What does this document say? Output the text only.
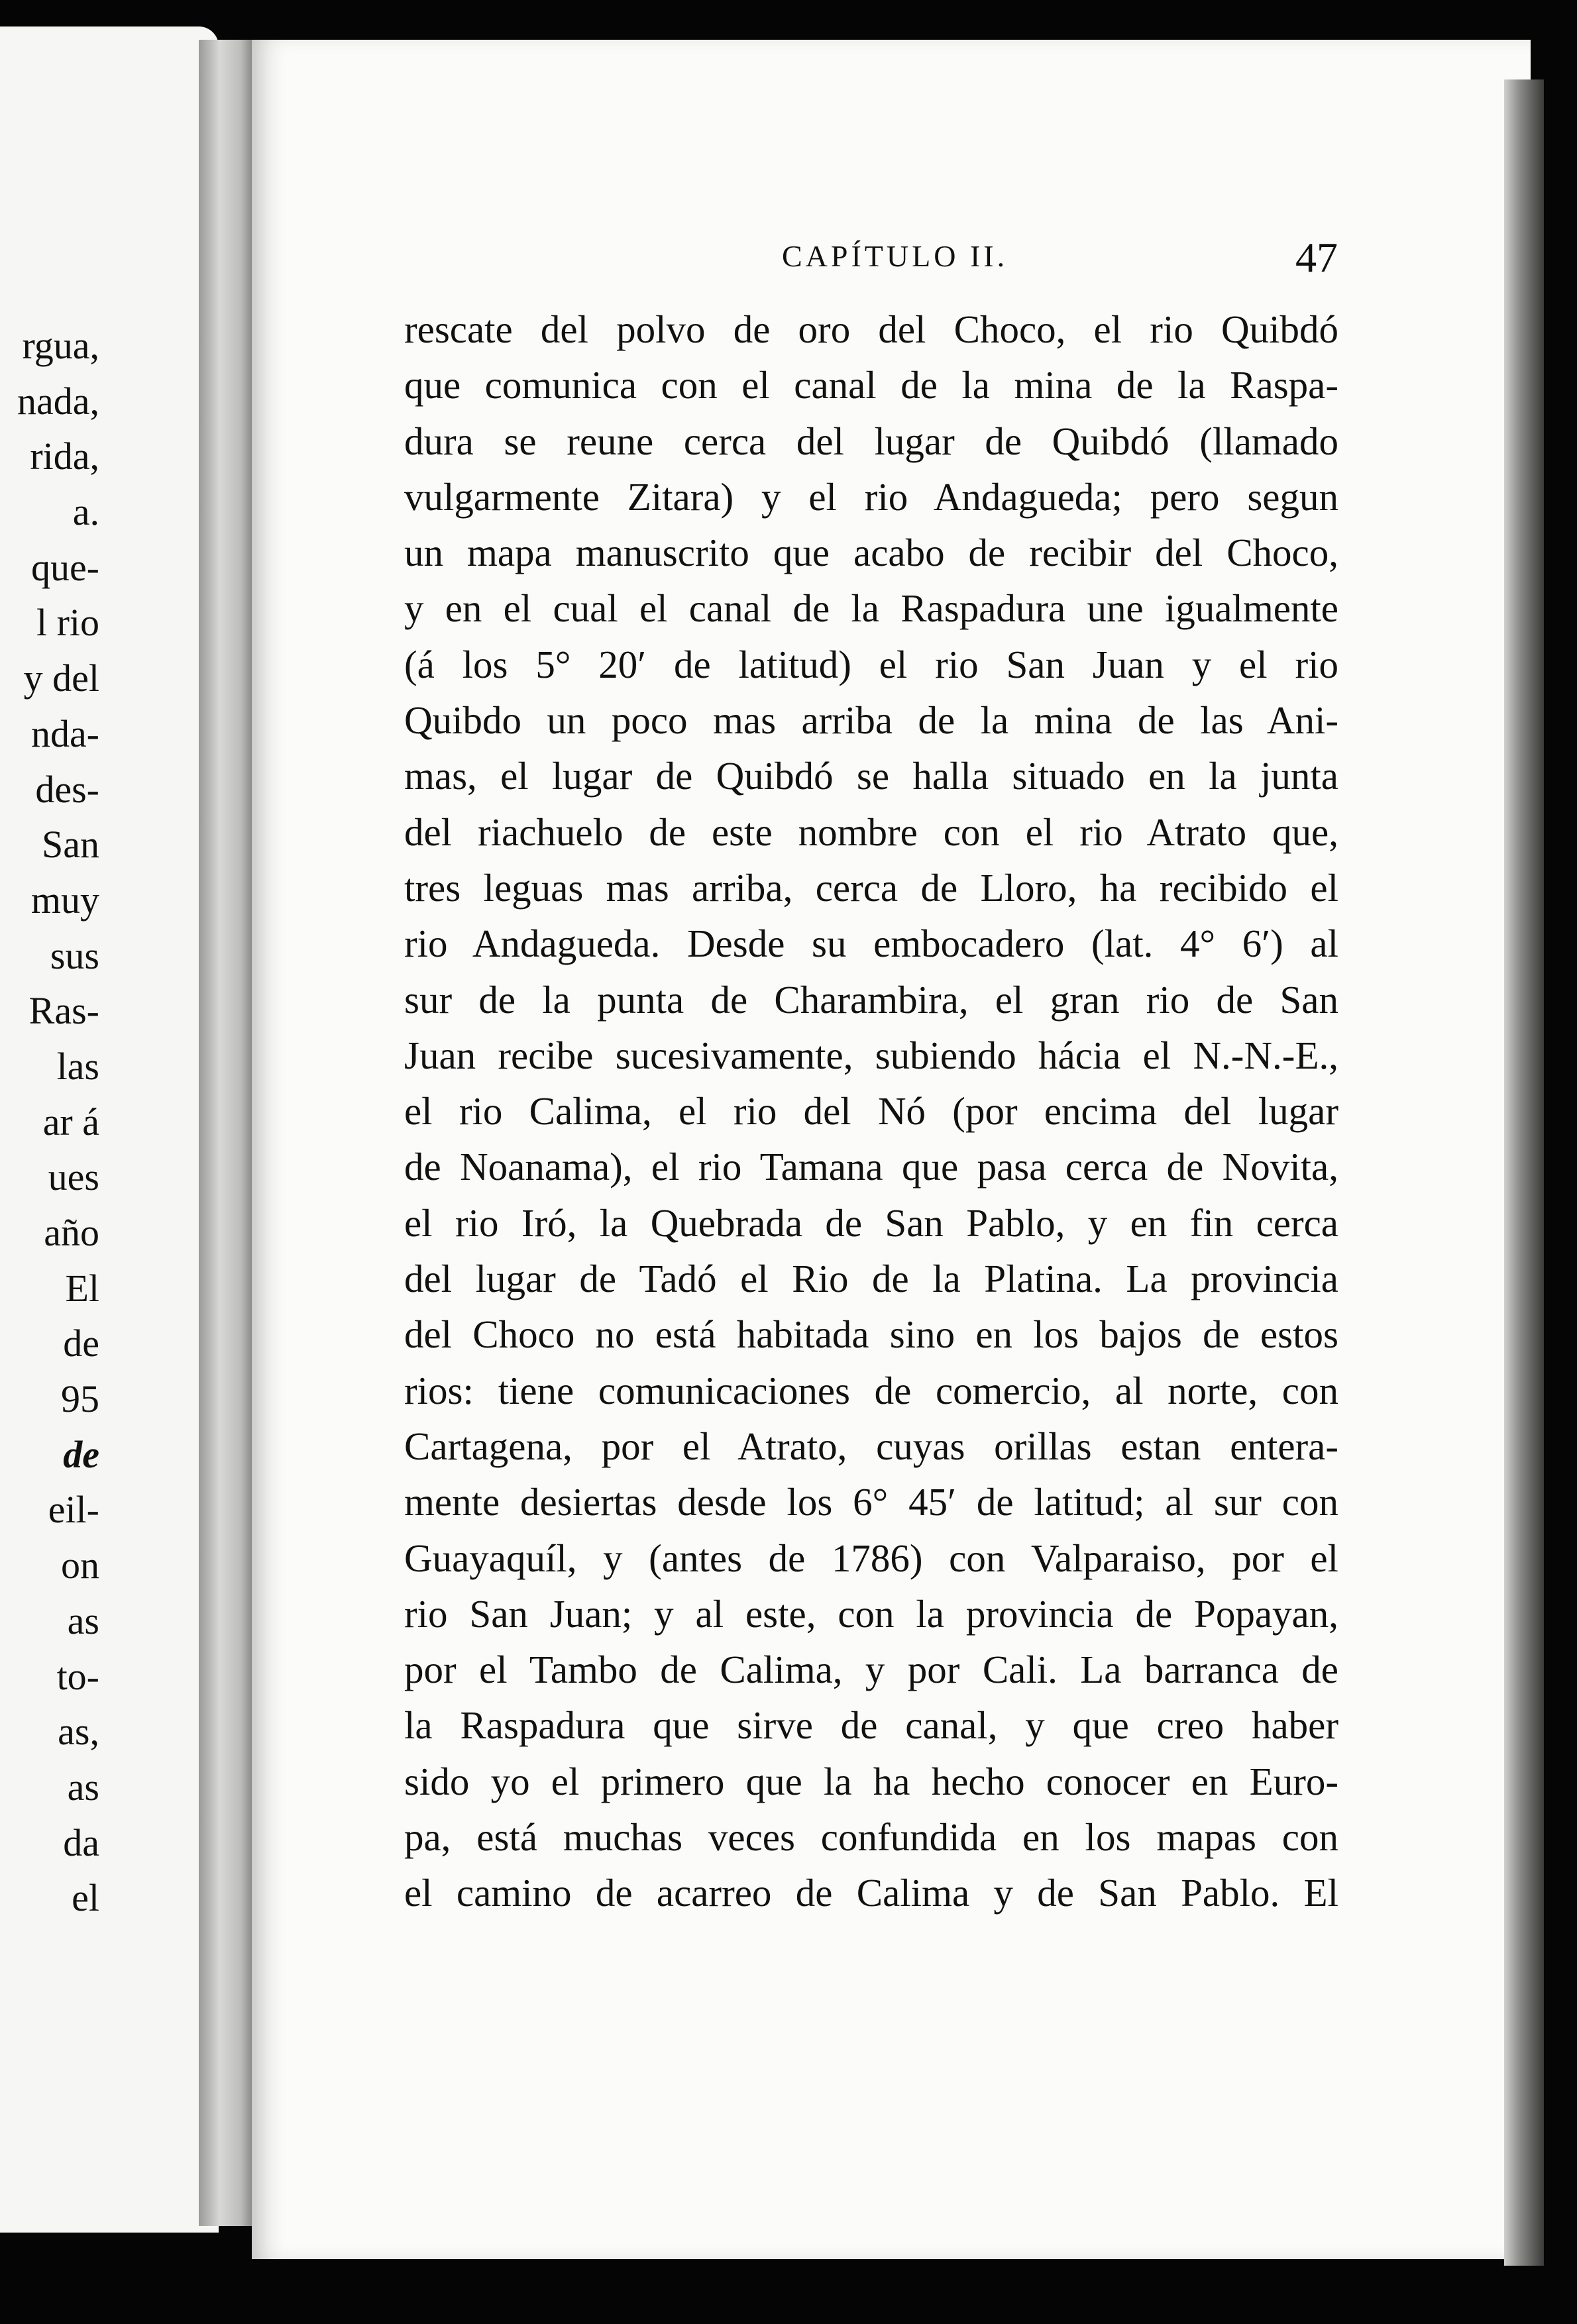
rgua,
nada,
rida,
a.
que-
l rio
y del
nda-
des-
San
muy
sus
Ras-
las
ar á
ues
año
El
de
95
de
eil-
on
as
to-
as,
as
da
el
CAPÍTULO II.	47
rescate del polvo de oro del Choco, el rio Quibdó
que comunica con el canal de la mina de la Raspa-
dura se reune cerca del lugar de Quibdó (llamado
vulgarmente Zitara) y el rio Andagueda; pero segun
un mapa manuscrito que acabo de recibir del Choco,
y en el cual el canal de la Raspadura une igualmente
(á los 5° 20′ de latitud) el rio San Juan y el rio
Quibdo un poco mas arriba de la mina de las Ani-
mas, el lugar de Quibdó se halla situado en la junta
del riachuelo de este nombre con el rio Atrato que,
tres leguas mas arriba, cerca de Lloro, ha recibido el
rio Andagueda. Desde su embocadero (lat. 4° 6′) al
sur de la punta de Charambira, el gran rio de San
Juan recibe sucesivamente, subiendo hácia el N.-N.-E.,
el rio Calima, el rio del Nó (por encima del lugar
de Noanama), el rio Tamana que pasa cerca de Novita,
el rio Iró, la Quebrada de San Pablo, y en fin cerca
del lugar de Tadó el Rio de la Platina. La provincia
del Choco no está habitada sino en los bajos de estos
rios: tiene comunicaciones de comercio, al norte, con
Cartagena, por el Atrato, cuyas orillas estan entera-
mente desiertas desde los 6° 45′ de latitud; al sur con
Guayaquíl, y (antes de 1786) con Valparaiso, por el
rio San Juan; y al este, con la provincia de Popayan,
por el Tambo de Calima, y por Cali. La barranca de
la Raspadura que sirve de canal, y que creo haber
sido yo el primero que la ha hecho conocer en Euro-
pa, está muchas veces confundida en los mapas con
el camino de acarreo de Calima y de San Pablo. El
